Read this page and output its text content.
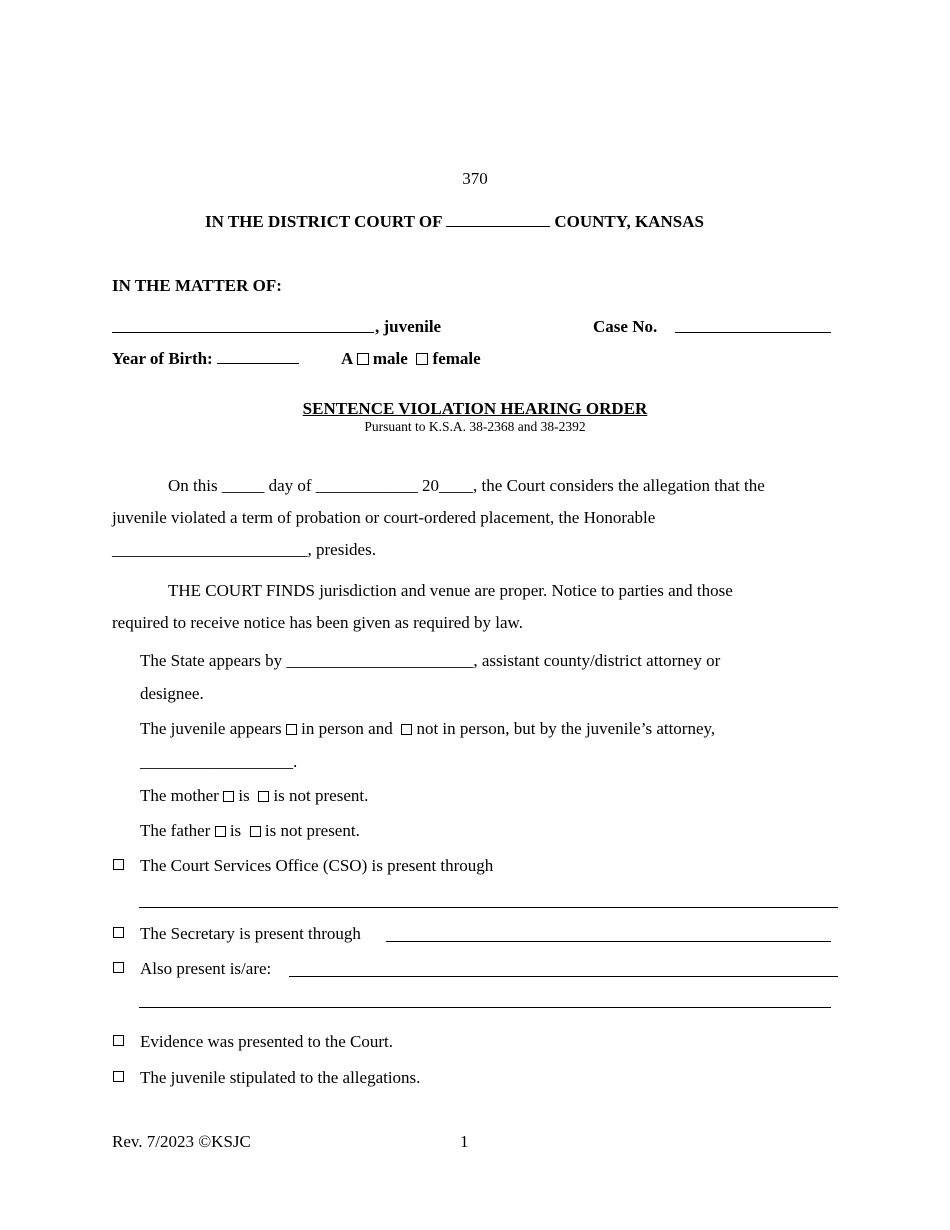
370
IN THE DISTRICT COURT OF	COUNTY, KANSAS
IN THE MATTER OF:
, juvenile	Case No.
Year of Birth:	A male female
SENTENCE VIOLATION HEARING ORDER
Pursuant to K.S.A. 38-2368 and 38-2392
On this _____ day of ____________ 20____, the Court considers the allegation that the
juvenile violated a term of probation or court-ordered placement, the Honorable
_______________________, presides.
THE COURT FINDS jurisdiction and venue are proper. Notice to parties and those
required to receive notice has been given as required by law.
The State appears by ______________________, assistant county/district attorney or
designee.
The juvenile appears in person and not in person, but by the juvenile’s attorney,
__________________.
The mother is is not present.
The father is is not present.
The Court Services Office (CSO) is present through
The Secretary is present through
Also present is/are:
Evidence was presented to the Court.
The juvenile stipulated to the allegations.
Rev. 7/2023 ©KSJC	1
